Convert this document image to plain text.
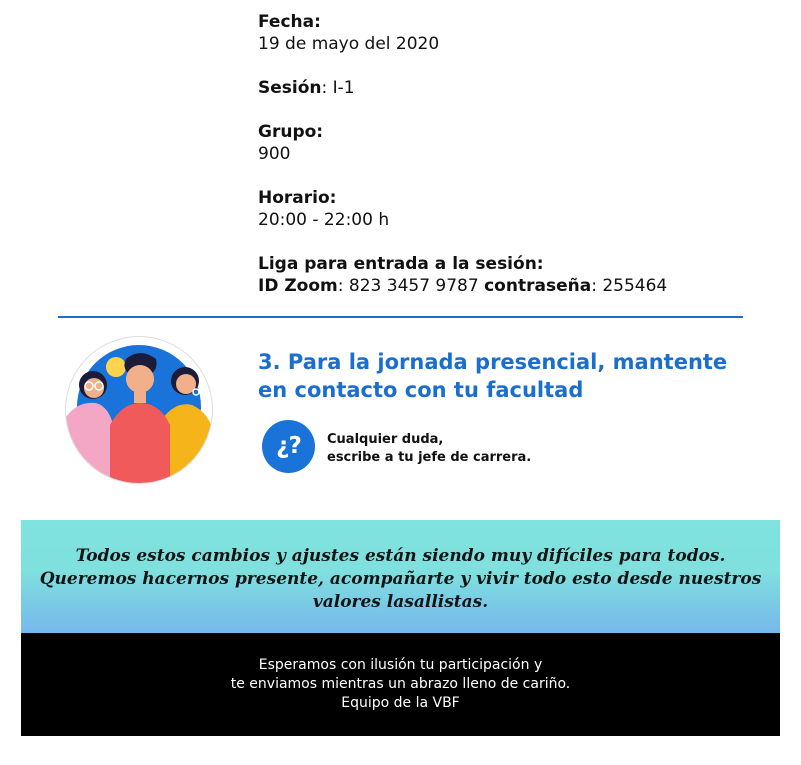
Fecha:
19 de mayo del 2020
Sesión: I-1
Grupo:
900
Horario:
20:00 - 22:00 h
Liga para entrada a la sesión:
ID Zoom: 823 3457 9787 contraseña: 255464
3. Para la jornada presencial, mantente
en contacto con tu facultad
¿?	Cualquier duda,
escribe a tu jefe de carrera.

Todos estos cambios y ajustes están siendo muy difíciles para todos.
Queremos hacernos presente, acompañarte y vivir todo esto desde nuestros
valores lasallistas.

Esperamos con ilusión tu participación y
te enviamos mientras un abrazo lleno de cariño.
Equipo de la VBF
